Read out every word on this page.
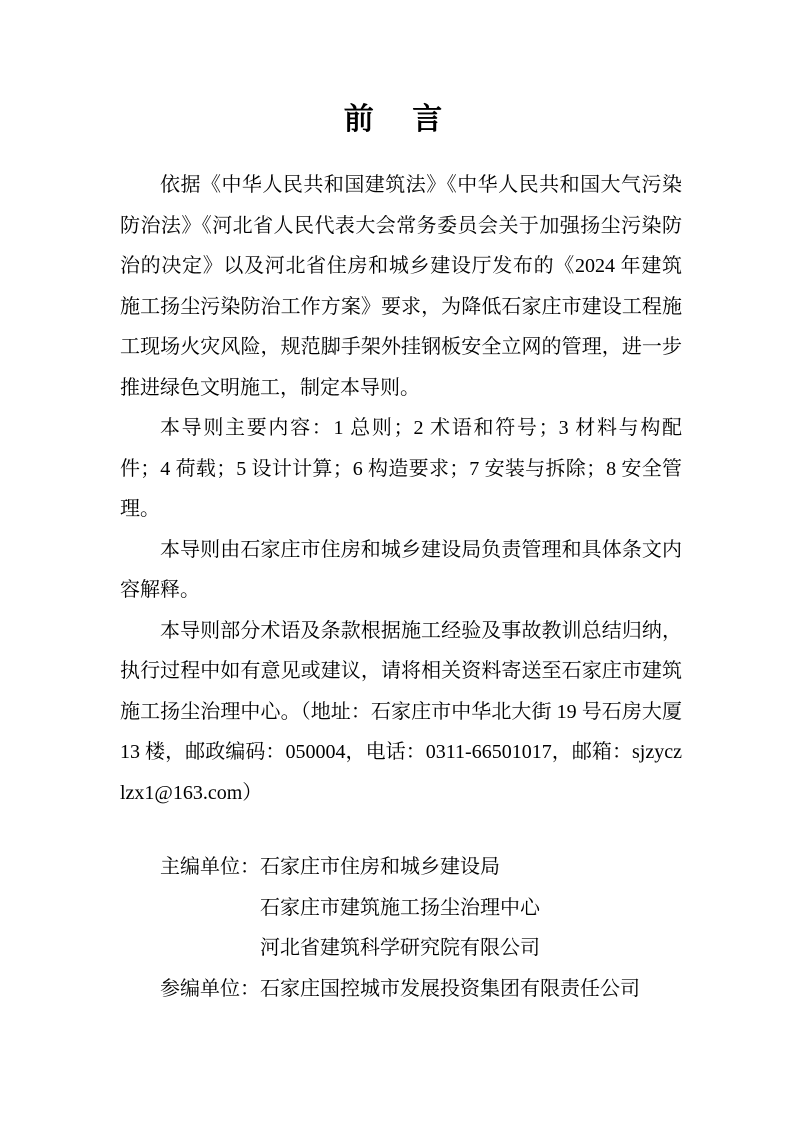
前 言

依据《中华人民共和国建筑法》《中华人民共和国大气污染防治法》《河北省人民代表大会常务委员会关于加强扬尘污染防治的决定》以及河北省住房和城乡建设厅发布的《2024 年建筑施工扬尘污染防治工作方案》要求，为降低石家庄市建设工程施工现场火灾风险，规范脚手架外挂钢板安全立网的管理，进一步推进绿色文明施工，制定本导则。

本导则主要内容：1 总则；2 术语和符号；3 材料与构配件；4 荷载；5 设计计算；6 构造要求；7 安装与拆除；8 安全管理。

本导则由石家庄市住房和城乡建设局负责管理和具体条文内容解释。

本导则部分术语及条款根据施工经验及事故教训总结归纳，执行过程中如有意见或建议，请将相关资料寄送至石家庄市建筑施工扬尘治理中心。（地址：石家庄市中华北大街 19 号石房大厦 13 楼，邮政编码：050004，电话：0311-66501017，邮箱：sjzyczlzx1@163.com）

主编单位： 石家庄市住房和城乡建设局
石家庄市建筑施工扬尘治理中心
河北省建筑科学研究院有限公司
参编单位： 石家庄国控城市发展投资集团有限责任公司
